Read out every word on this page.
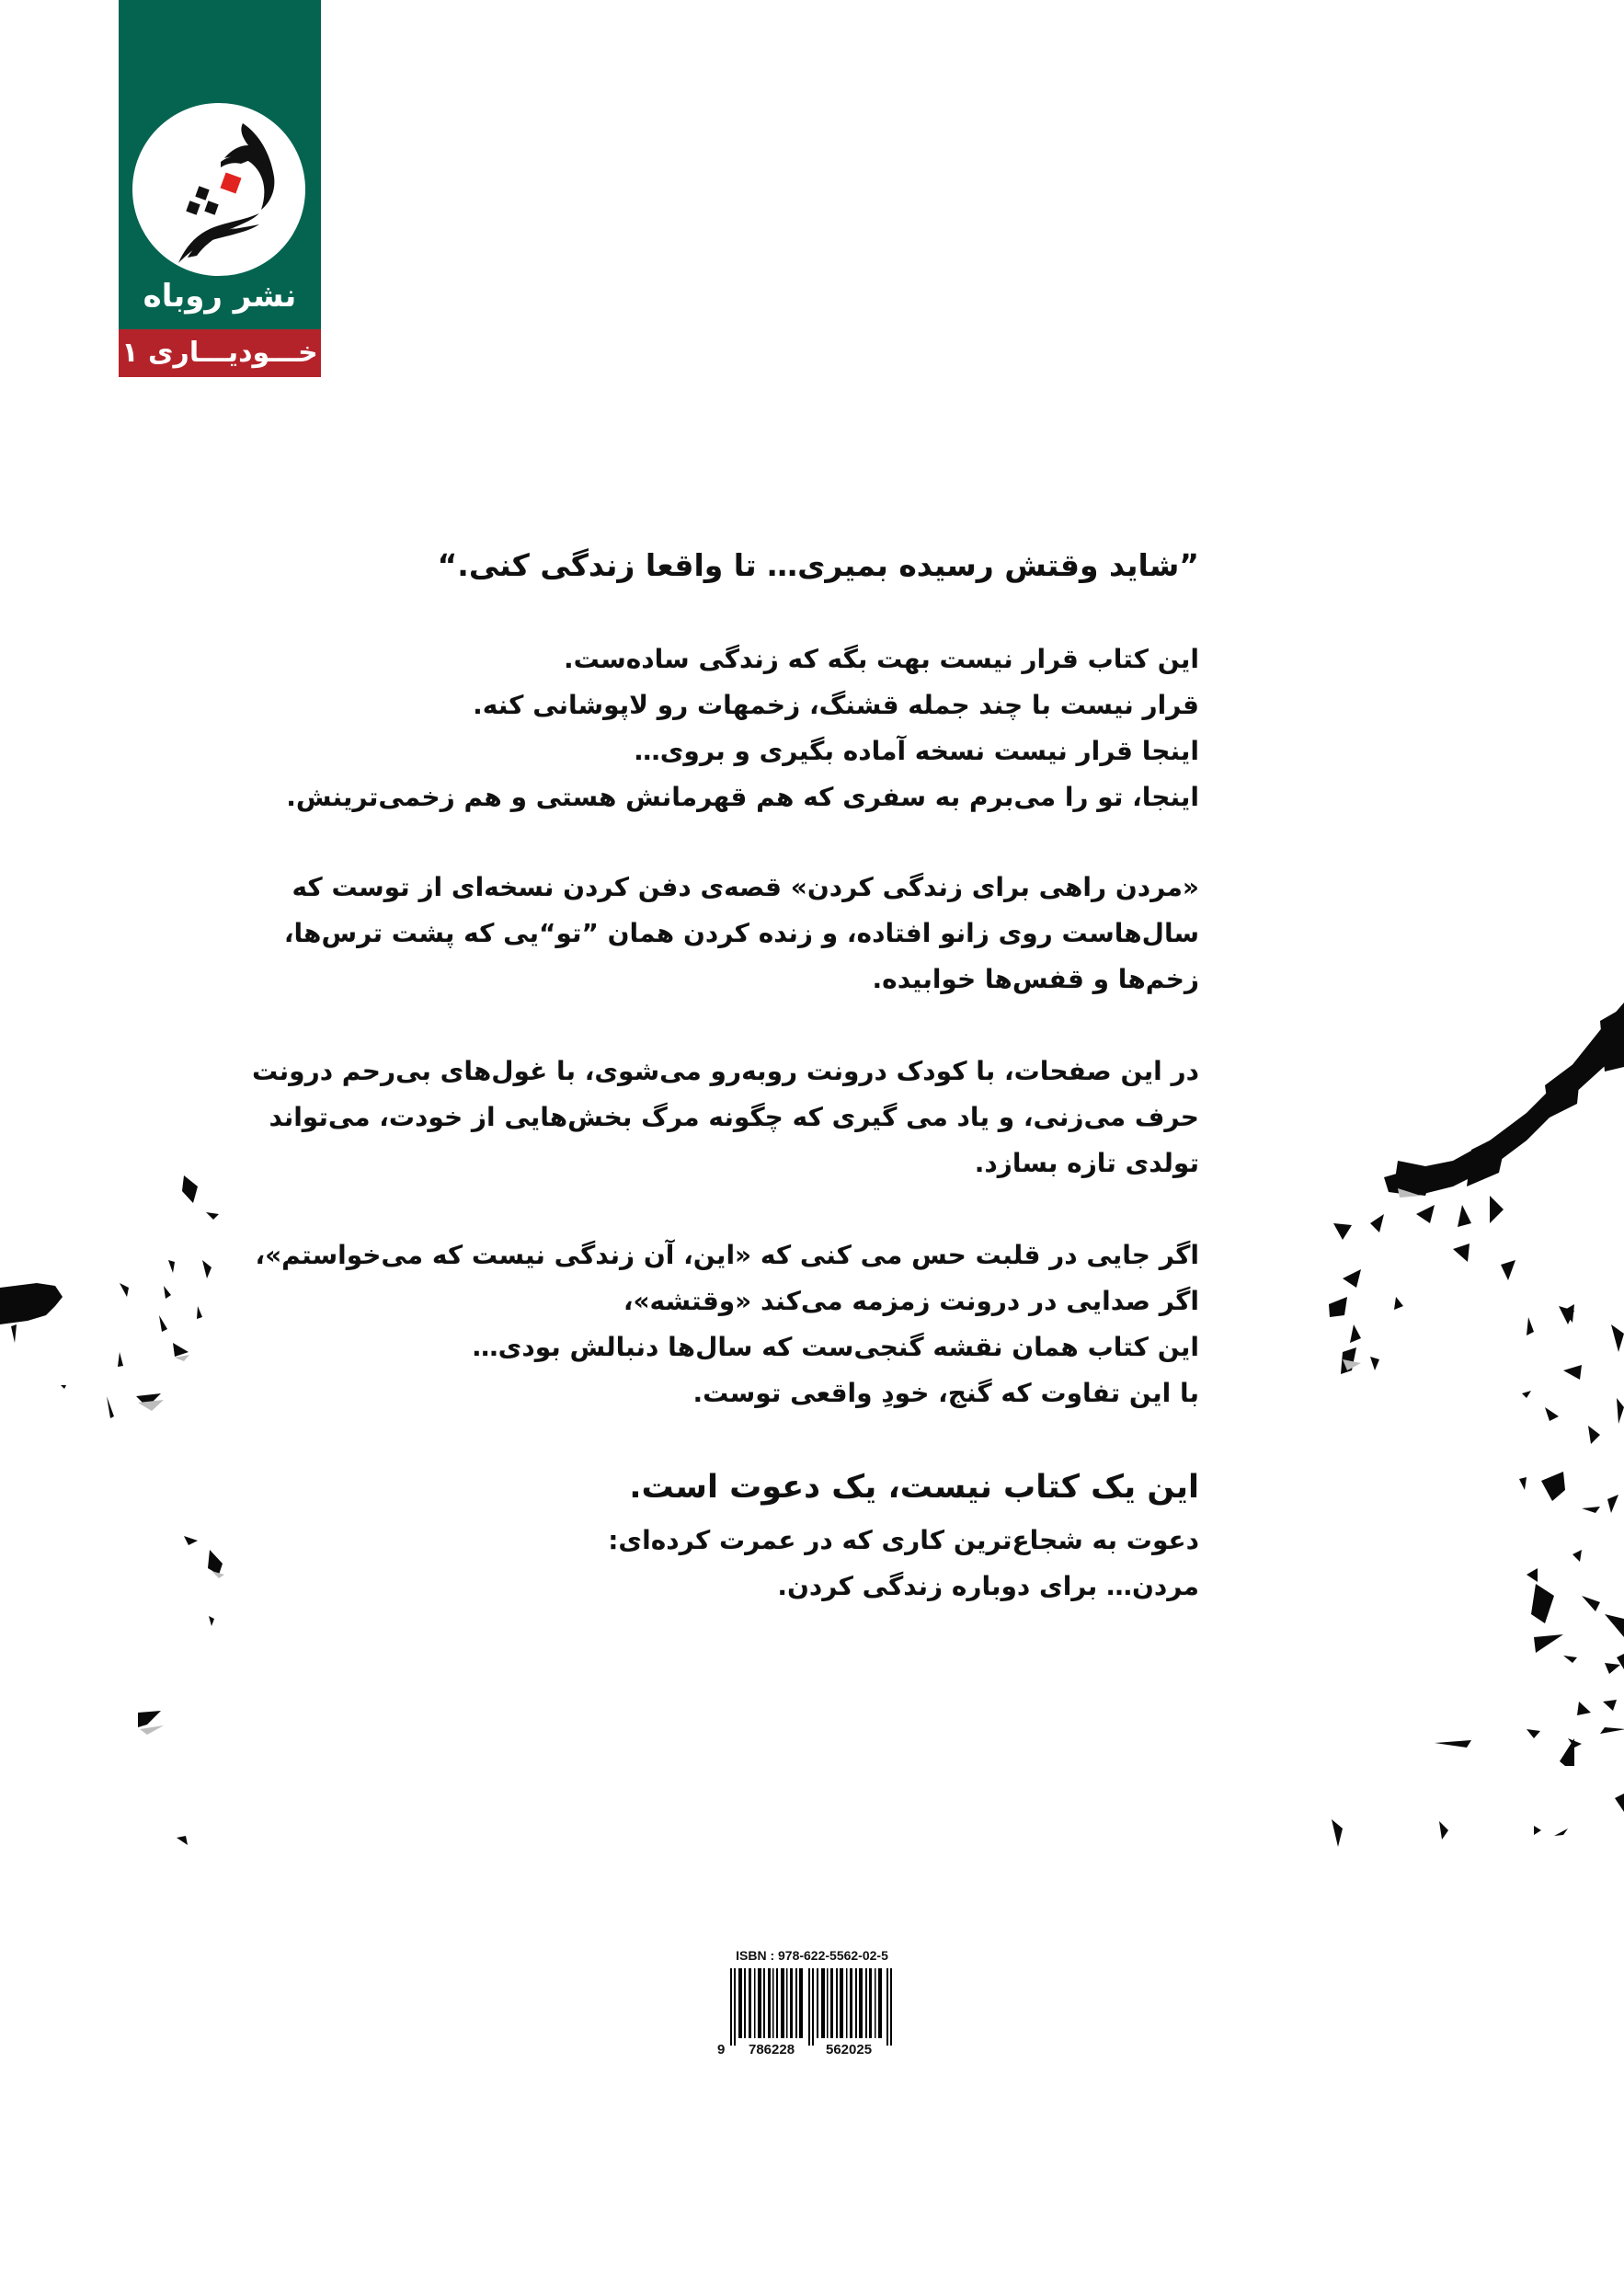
نشر روباه
خـــودیـــاری ۱
”شاید وقتش رسیده بمیری… تا واقعا زندگی کنی.“
این کتاب قرار نیست بهت بگه که زندگی ساده‌ست.
قرار نیست با چند جمله قشنگ، زخمهات رو لاپوشانی کنه.
اینجا قرار نیست نسخه آماده بگیری و بروی…
اینجا، تو را می‌برم به سفری که هم قهرمانش هستی و هم زخمی‌ترینش.
«مردن راهی برای زندگی کردن» قصه‌ی دفن کردن نسخه‌ای از توست که
سال‌هاست روی زانو افتاده، و زنده کردن همان ”تو“یی که پشت ترس‌ها،
زخم‌ها و قفس‌ها خوابیده.
در این صفحات، با کودک درونت روبه‌رو می‌شوی، با غول‌های بی‌رحم درونت
حرف می‌زنی، و یاد می گیری که چگونه مرگ بخش‌هایی از خودت، می‌تواند
تولدی تازه بسازد.
اگر جایی در قلبت حس می کنی که «این، آن زندگی نیست که می‌خواستم»،
اگر صدایی در درونت زمزمه می‌کند «وقتشه»،
این کتاب همان نقشه گنجی‌ست که سال‌ها دنبالش بودی…
با این تفاوت که گنج، خودِ واقعی توست.
این یک کتاب نیست، یک دعوت است.
دعوت به شجاع‌ترین کاری که در عمرت کرده‌ای:
مردن… برای دوباره زندگی کردن.
ISBN : 978-622-5562-02-5
9 786228 562025
